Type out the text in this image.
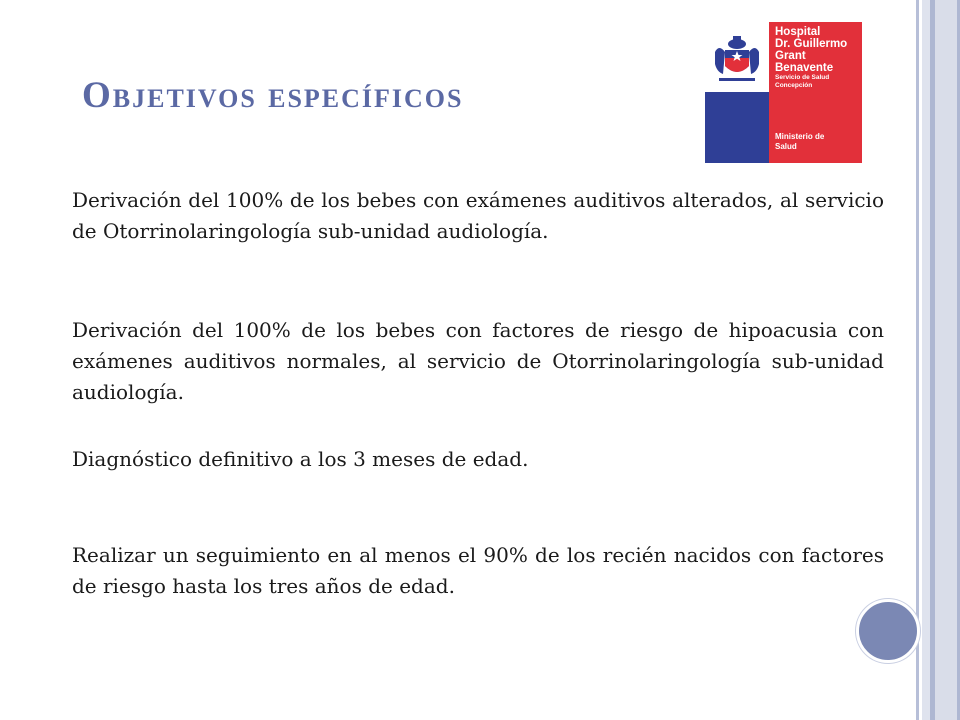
Objetivos específicos
Hospital
Dr. Guillermo
Grant
Benavente
Servicio de Salud
Concepción
Ministerio de
Salud
Derivación del 100% de los bebes con exámenes auditivos alterados, al servicio de Otorrinolaringología sub-unidad audiología.
Derivación del 100% de los bebes con factores de riesgo de hipoacusia con exámenes auditivos normales, al servicio de Otorrinolaringología sub-unidad audiología.
Diagnóstico definitivo a los 3 meses de edad.
Realizar un seguimiento en al menos el 90% de los recién nacidos con factores de riesgo hasta los tres años de edad.
